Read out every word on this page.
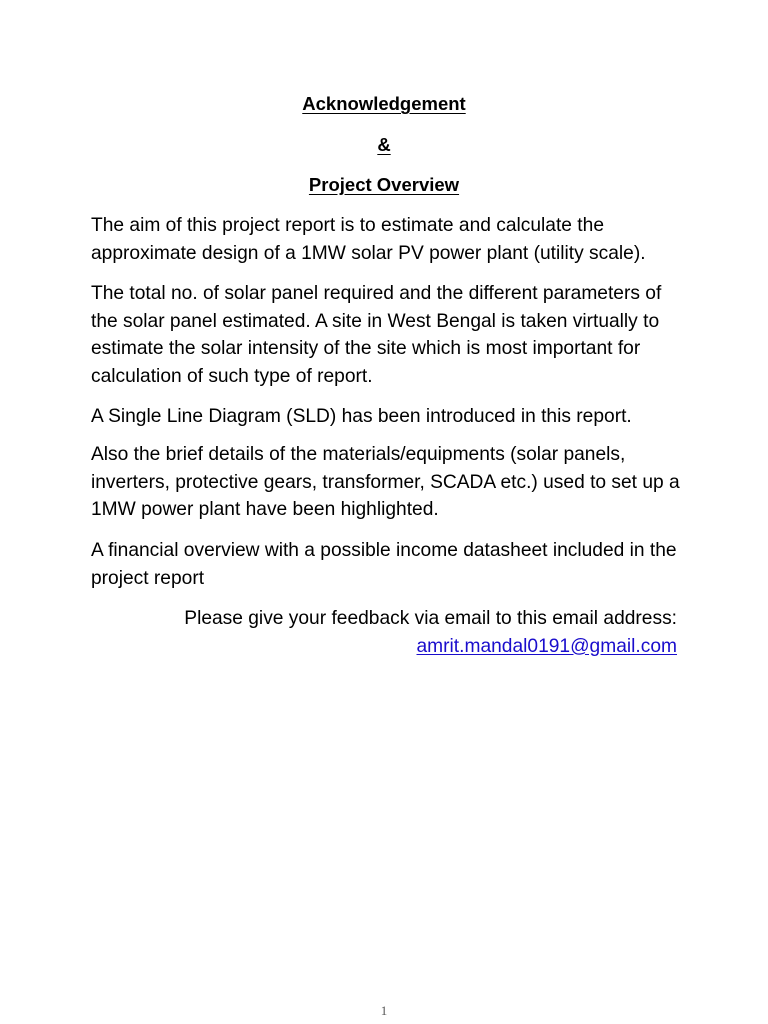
Acknowledgement

&

Project Overview

The aim of this project report is to estimate and calculate the approximate design of a 1MW solar PV power plant (utility scale).

The total no. of solar panel required and the different parameters of the solar panel estimated. A site in West Bengal is taken virtually to estimate the solar intensity of the site which is most important for calculation of such type of report.

A Single Line Diagram (SLD) has been introduced in this report.

Also the brief details of the materials/equipments (solar panels, inverters, protective gears, transformer, SCADA etc.) used to set up a 1MW power plant have been highlighted.

A financial overview with a possible income datasheet included in the project report

Please give your feedback via email to this email address:
amrit.mandal0191@gmail.com

1
